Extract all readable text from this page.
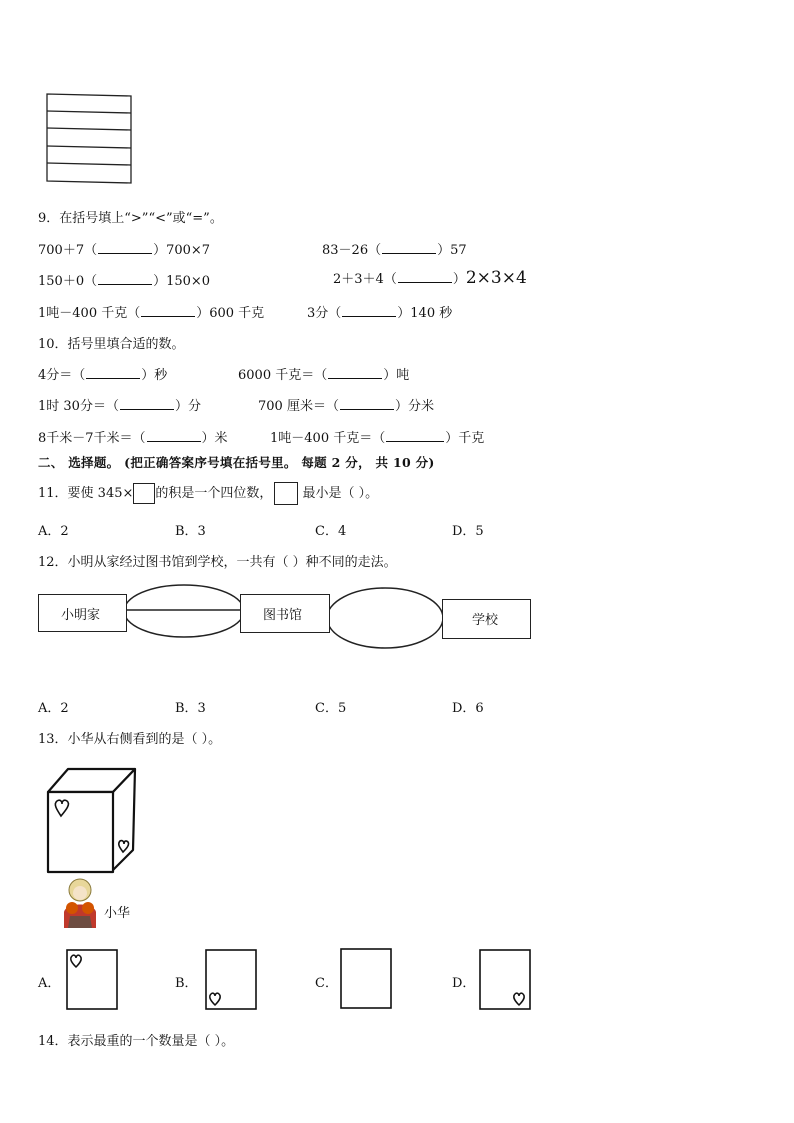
9．在括号填上“>”“<”或“=”。
700＋7（	）700×7	83－26（	）57
150＋0（	）150×0	2＋3＋4（	）2×3×4
1吨－400 千克（	）600 千克	3分（	）140 秒
10．括号里填合适的数。
4分＝（	）秒	6000 千克＝（	）吨
1时 30分＝（	）分	700 厘米＝（	）分米
8千米－7千米＝（	）米	1吨－400 千克＝（	）千克
二、 选择题。 (把正确答案序号填在括号里。 每题 2 分， 共 10 分)
11．要使 345× 的积是一个四位数， 最小是（ ）。
A．2	B．3	C．4	D．5
12．小明从家经过图书馆到学校，一共有（ ）种不同的走法。
小明家	图书馆	学校
A．2	B．3	C．5	D．6
13．小华从右侧看到的是（ ）。
小华
A．	B．	C．	D．
14．表示最重的一个数量是（ ）。
